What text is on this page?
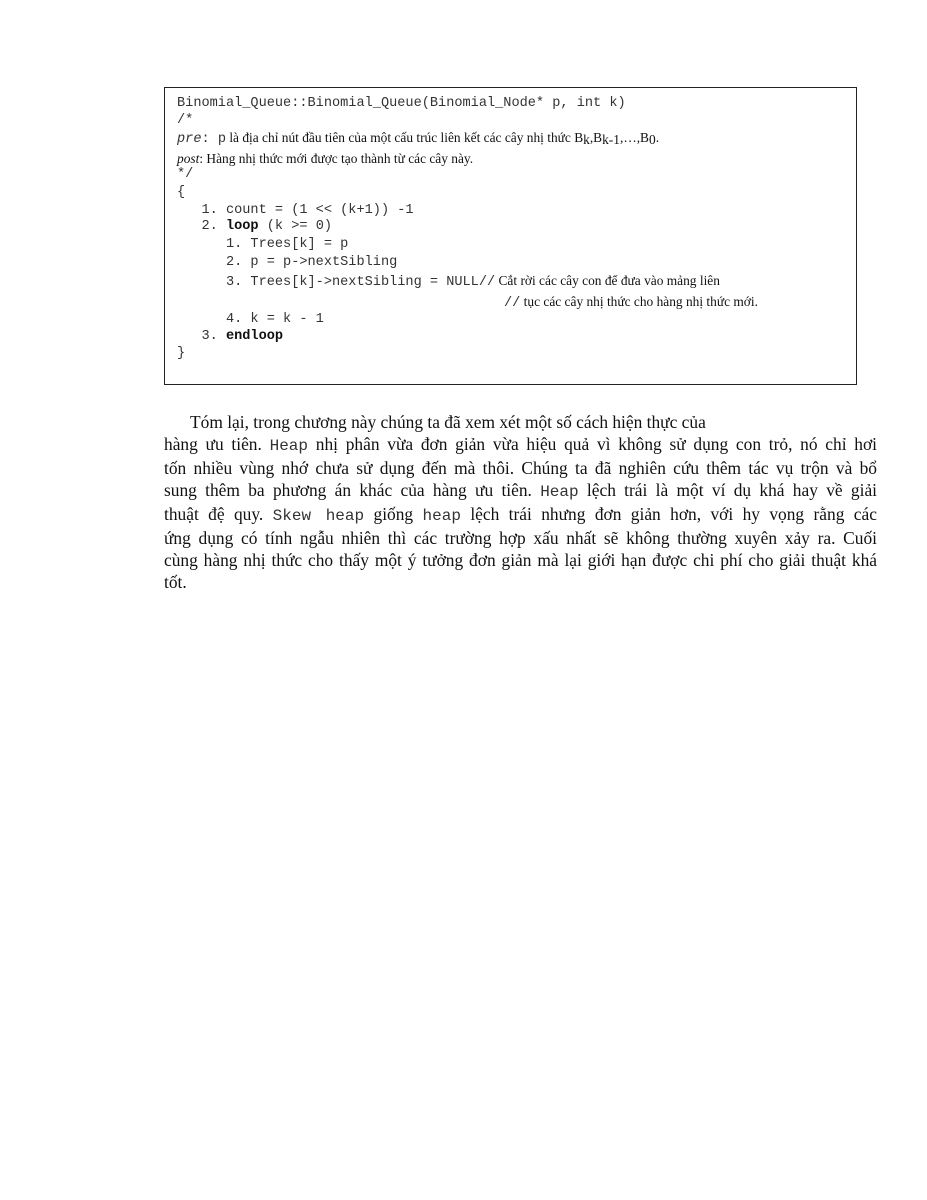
Binomial_Queue::Binomial_Queue(Binomial_Node* p, int k)
/*
pre: p là địa chỉ nút đầu tiên của một cấu trúc liên kết các cây nhị thức $B_k,B_{k-1},\dots,B_0$.
post: Hàng nhị thức mới được tạo thành từ các cây này.
*/
{
1. count = (1 << (k+1)) -1
2. loop (k >= 0)
1. Trees[k] = p
2. p = p->nextSibling
3. Trees[k]->nextSibling = NULL// Cắt rời các cây con để đưa vào mảng liên
// tục các cây nhị thức cho hàng nhị thức mới.
4. k = k - 1
3. endloop
}
Tóm lại, trong chương này chúng ta đã xem xét một số cách hiện thực của
hàng ưu tiên. Heap nhị phân vừa đơn giản vừa hiệu quả vì không sử dụng con trỏ, nó chỉ hơi
tốn nhiều vùng nhớ chưa sử dụng đến mà thôi. Chúng ta đã nghiên cứu thêm tác vụ trộn và bổ
sung thêm ba phương án khác của hàng ưu tiên. Heap lệch trái là một ví dụ khá hay về giải
thuật đệ quy. Skew heap giống heap lệch trái nhưng đơn giản hơn, với hy vọng rằng các
ứng dụng có tính ngẫu nhiên thì các trường hợp xấu nhất sẽ không thường xuyên xảy ra. Cuối
cùng hàng nhị thức cho thấy một ý tưởng đơn giản mà lại giới hạn được chi phí cho giải thuật khá
tốt.
